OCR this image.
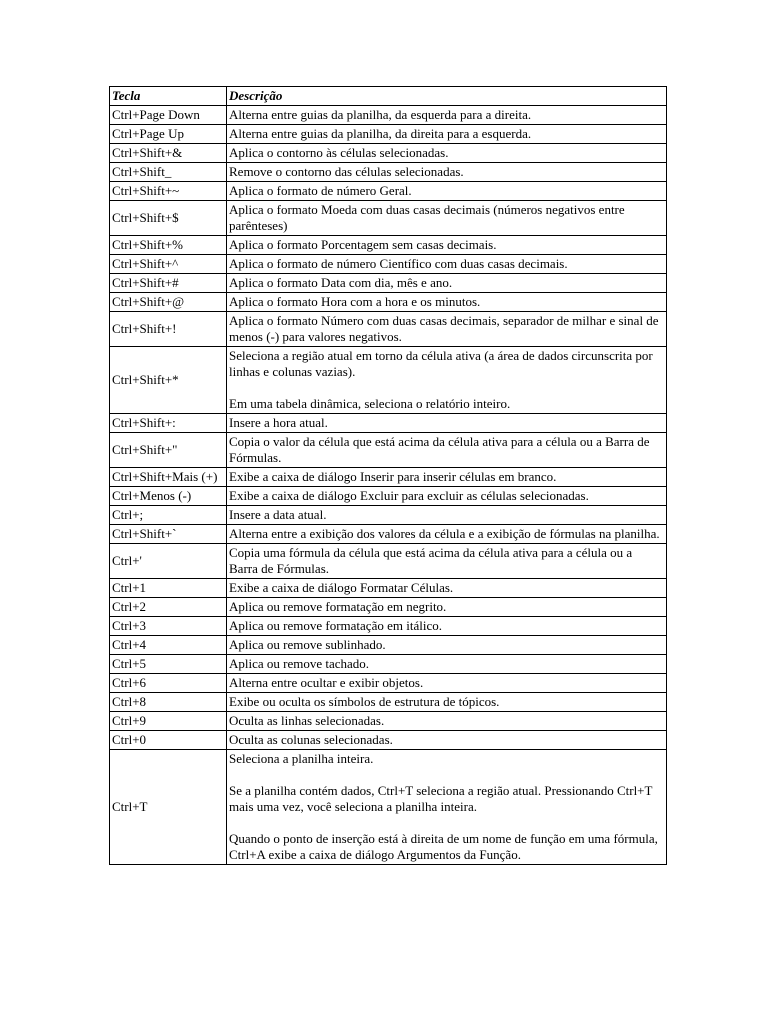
Tecla	Descrição
Ctrl+Page Down	Alterna entre guias da planilha, da esquerda para a direita.

Ctrl+Page Up	Alterna entre guias da planilha, da direita para a esquerda.

Ctrl+Shift+&	Aplica o contorno às células selecionadas.

Ctrl+Shift_	Remove o contorno das células selecionadas.

Ctrl+Shift+~	Aplica o formato de número Geral.

Ctrl+Shift+$	Aplica o formato Moeda com duas casas decimais (números negativos entre parênteses)

Ctrl+Shift+%	Aplica o formato Porcentagem sem casas decimais.

Ctrl+Shift+^	Aplica o formato de número Científico com duas casas decimais.

Ctrl+Shift+#	Aplica o formato Data com dia, mês e ano.

Ctrl+Shift+@	Aplica o formato Hora com a hora e os minutos.

Ctrl+Shift+!	Aplica o formato Número com duas casas decimais, separador de milhar e sinal de menos (-) para valores negativos.

Ctrl+Shift+*	Seleciona a região atual em torno da célula ativa (a área de dados circunscrita por linhas e colunas vazias).
Em uma tabela dinâmica, seleciona o relatório inteiro.

Ctrl+Shift+:	Insere a hora atual.

Ctrl+Shift+"	Copia o valor da célula que está acima da célula ativa para a célula ou a Barra de Fórmulas.

Ctrl+Shift+Mais (+)	Exibe a caixa de diálogo Inserir para inserir células em branco.

Ctrl+Menos (-)	Exibe a caixa de diálogo Excluir para excluir as células selecionadas.

Ctrl+;	Insere a data atual.

Ctrl+Shift+`	Alterna entre a exibição dos valores da célula e a exibição de fórmulas na planilha.

Ctrl+'	Copia uma fórmula da célula que está acima da célula ativa para a célula ou a Barra de Fórmulas.

Ctrl+1	Exibe a caixa de diálogo Formatar Células.

Ctrl+2	Aplica ou remove formatação em negrito.

Ctrl+3	Aplica ou remove formatação em itálico.

Ctrl+4	Aplica ou remove sublinhado.

Ctrl+5	Aplica ou remove tachado.

Ctrl+6	Alterna entre ocultar e exibir objetos.

Ctrl+8	Exibe ou oculta os símbolos de estrutura de tópicos.

Ctrl+9	Oculta as linhas selecionadas.

Ctrl+0	Oculta as colunas selecionadas.

Ctrl+T	Seleciona a planilha inteira.
Se a planilha contém dados, Ctrl+T seleciona a região atual. Pressionando Ctrl+T mais uma vez, você seleciona a planilha inteira.
Quando o ponto de inserção está à direita de um nome de função em uma fórmula, Ctrl+A exibe a caixa de diálogo Argumentos da Função.
